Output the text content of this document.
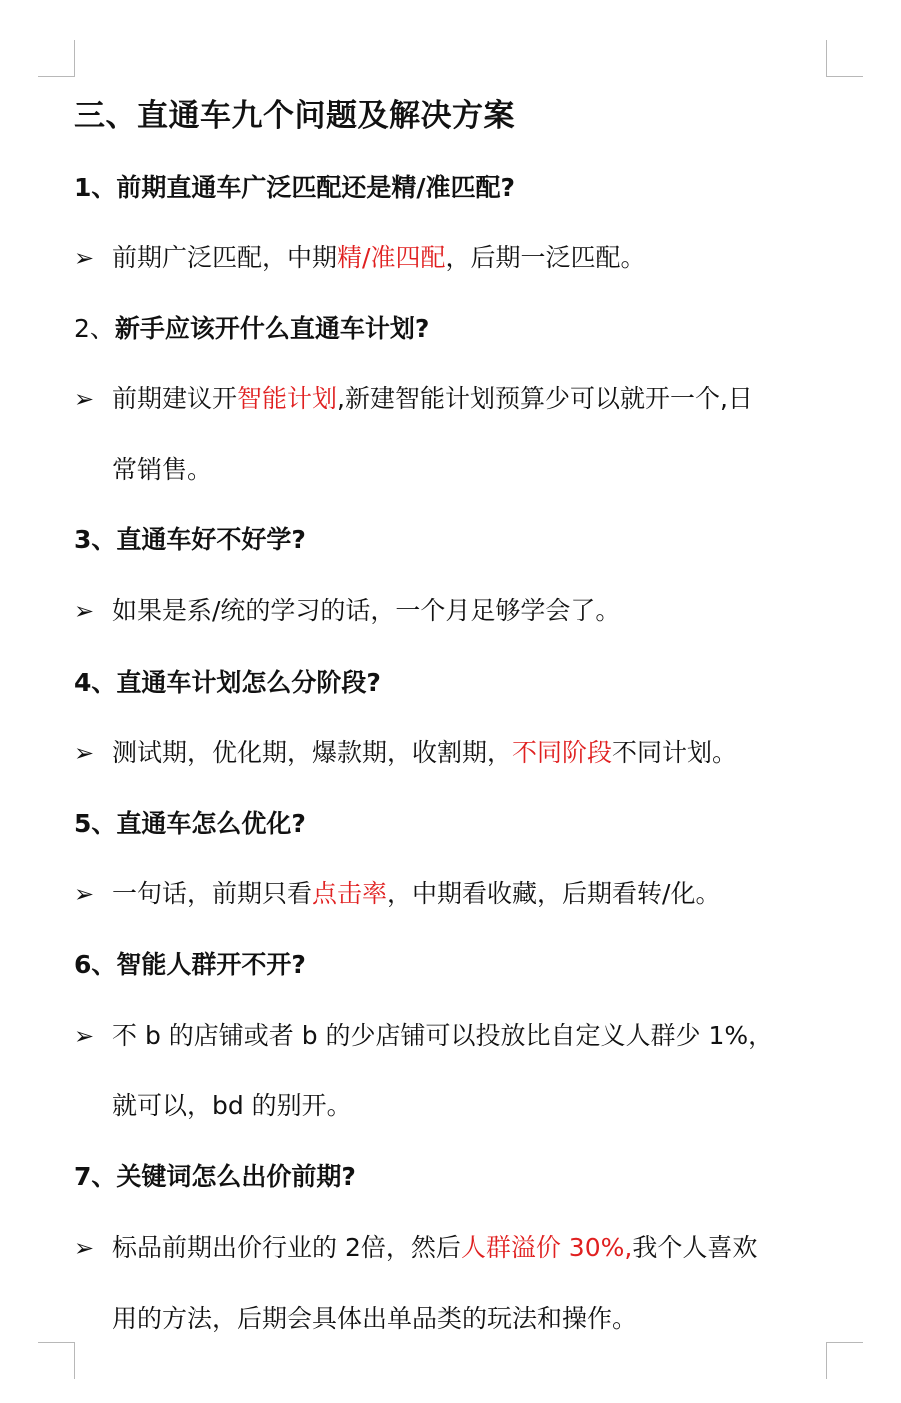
三、直通车九个问题及解决方案
1、前期直通车广泛匹配还是精/准匹配?
➢ 前期广泛匹配，中期精/准四配，后期一泛匹配。
2、新手应该开什么直通车计划?
➢ 前期建议开智能计划,新建智能计划预算少可以就开一个,日
常销售。
3、直通车好不好学?
➢ 如果是系/统的学习的话，一个月足够学会了。
4、直通车计划怎么分阶段?
➢ 测试期，优化期，爆款期，收割期，不同阶段不同计划。
5、直通车怎么优化?
➢ 一句话，前期只看点击率，中期看收藏，后期看转/化。
6、智能人群开不开?
➢ 不 b 的店铺或者 b 的少店铺可以投放比自定义人群少 1%，
就可以，bd 的别开。
7、关键词怎么出价前期?
➢ 标品前期出价行业的 2倍，然后人群溢价 30%,我个人喜欢
用的方法，后期会具体出单品类的玩法和操作。
